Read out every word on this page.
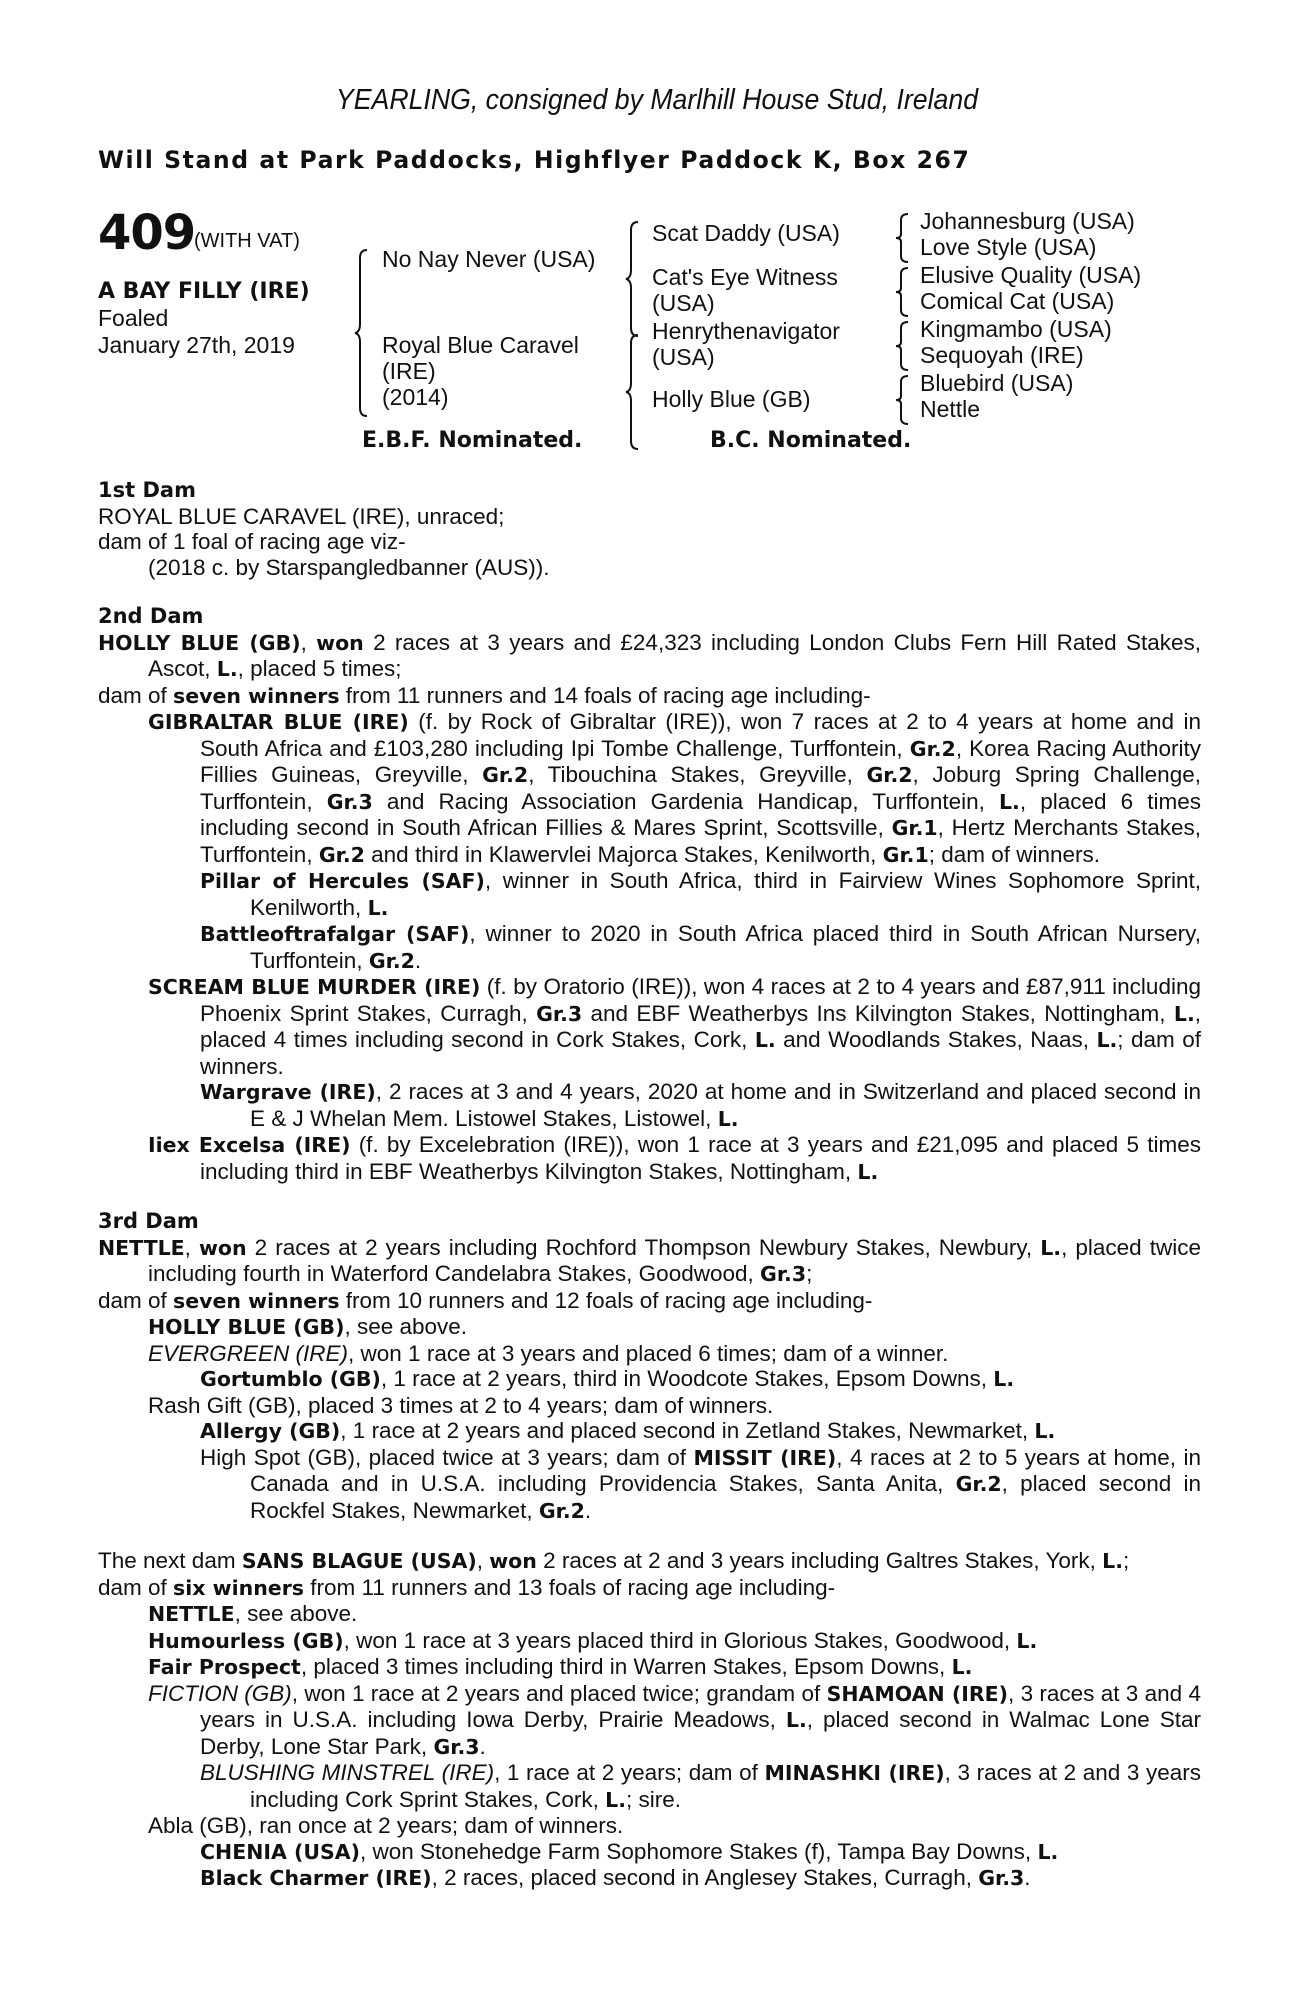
YEARLING, consigned by Marlhill House Stud, Ireland
Will Stand at Park Paddocks, Highflyer Paddock K, Box 267
409
(WITH VAT)
A BAY FILLY (IRE)
Foaled
January 27th, 2019
No Nay Never (USA)
Royal Blue Caravel
(IRE)
(2014)
E.B.F. Nominated.
Scat Daddy (USA)
Cat's Eye Witness
(USA)
Henrythenavigator
(USA)
Holly Blue (GB)
B.C. Nominated.
Johannesburg (USA)
Love Style (USA)
Elusive Quality (USA)
Comical Cat (USA)
Kingmambo (USA)
Sequoyah (IRE)
Bluebird (USA)
Nettle
1st Dam
ROYAL BLUE CARAVEL (IRE), unraced;
dam of 1 foal of racing age viz-
(2018 c. by Starspangledbanner (AUS)).
2nd Dam
HOLLY BLUE (GB), won 2 races at 3 years and £24,323 including London Clubs Fern Hill Rated Stakes, Ascot, L., placed 5 times;
dam of seven winners from 11 runners and 14 foals of racing age including-
GIBRALTAR BLUE (IRE) (f. by Rock of Gibraltar (IRE)), won 7 races at 2 to 4 years at home and in South Africa and £103,280 including Ipi Tombe Challenge, Turffontein, Gr.2, Korea Racing Authority Fillies Guineas, Greyville, Gr.2, Tibouchina Stakes, Greyville, Gr.2, Joburg Spring Challenge, Turffontein, Gr.3 and Racing Association Gardenia Handicap, Turffontein, L., placed 6 times including second in South African Fillies & Mares Sprint, Scottsville, Gr.1, Hertz Merchants Stakes, Turffontein, Gr.2 and third in Klawervlei Majorca Stakes, Kenilworth, Gr.1; dam of winners.
Pillar of Hercules (SAF), winner in South Africa, third in Fairview Wines Sophomore Sprint, Kenilworth, L.
Battleoftrafalgar (SAF), winner to 2020 in South Africa placed third in South African Nursery, Turffontein, Gr.2.
SCREAM BLUE MURDER (IRE) (f. by Oratorio (IRE)), won 4 races at 2 to 4 years and £87,911 including Phoenix Sprint Stakes, Curragh, Gr.3 and EBF Weatherbys Ins Kilvington Stakes, Nottingham, L., placed 4 times including second in Cork Stakes, Cork, L. and Woodlands Stakes, Naas, L.; dam of winners.
Wargrave (IRE), 2 races at 3 and 4 years, 2020 at home and in Switzerland and placed second in E & J Whelan Mem. Listowel Stakes, Listowel, L.
Iiex Excelsa (IRE) (f. by Excelebration (IRE)), won 1 race at 3 years and £21,095 and placed 5 times including third in EBF Weatherbys Kilvington Stakes, Nottingham, L.
3rd Dam
NETTLE, won 2 races at 2 years including Rochford Thompson Newbury Stakes, Newbury, L., placed twice including fourth in Waterford Candelabra Stakes, Goodwood, Gr.3;
dam of seven winners from 10 runners and 12 foals of racing age including-
HOLLY BLUE (GB), see above.
EVERGREEN (IRE), won 1 race at 3 years and placed 6 times; dam of a winner.
Gortumblo (GB), 1 race at 2 years, third in Woodcote Stakes, Epsom Downs, L.
Rash Gift (GB), placed 3 times at 2 to 4 years; dam of winners.
Allergy (GB), 1 race at 2 years and placed second in Zetland Stakes, Newmarket, L.
High Spot (GB), placed twice at 3 years; dam of MISSIT (IRE), 4 races at 2 to 5 years at home, in Canada and in U.S.A. including Providencia Stakes, Santa Anita, Gr.2, placed second in Rockfel Stakes, Newmarket, Gr.2.
The next dam SANS BLAGUE (USA), won 2 races at 2 and 3 years including Galtres Stakes, York, L.;
dam of six winners from 11 runners and 13 foals of racing age including-
NETTLE, see above.
Humourless (GB), won 1 race at 3 years placed third in Glorious Stakes, Goodwood, L.
Fair Prospect, placed 3 times including third in Warren Stakes, Epsom Downs, L.
FICTION (GB), won 1 race at 2 years and placed twice; grandam of SHAMOAN (IRE), 3 races at 3 and 4 years in U.S.A. including Iowa Derby, Prairie Meadows, L., placed second in Walmac Lone Star Derby, Lone Star Park, Gr.3.
BLUSHING MINSTREL (IRE), 1 race at 2 years; dam of MINASHKI (IRE), 3 races at 2 and 3 years including Cork Sprint Stakes, Cork, L.; sire.
Abla (GB), ran once at 2 years; dam of winners.
CHENIA (USA), won Stonehedge Farm Sophomore Stakes (f), Tampa Bay Downs, L.
Black Charmer (IRE), 2 races, placed second in Anglesey Stakes, Curragh, Gr.3.
